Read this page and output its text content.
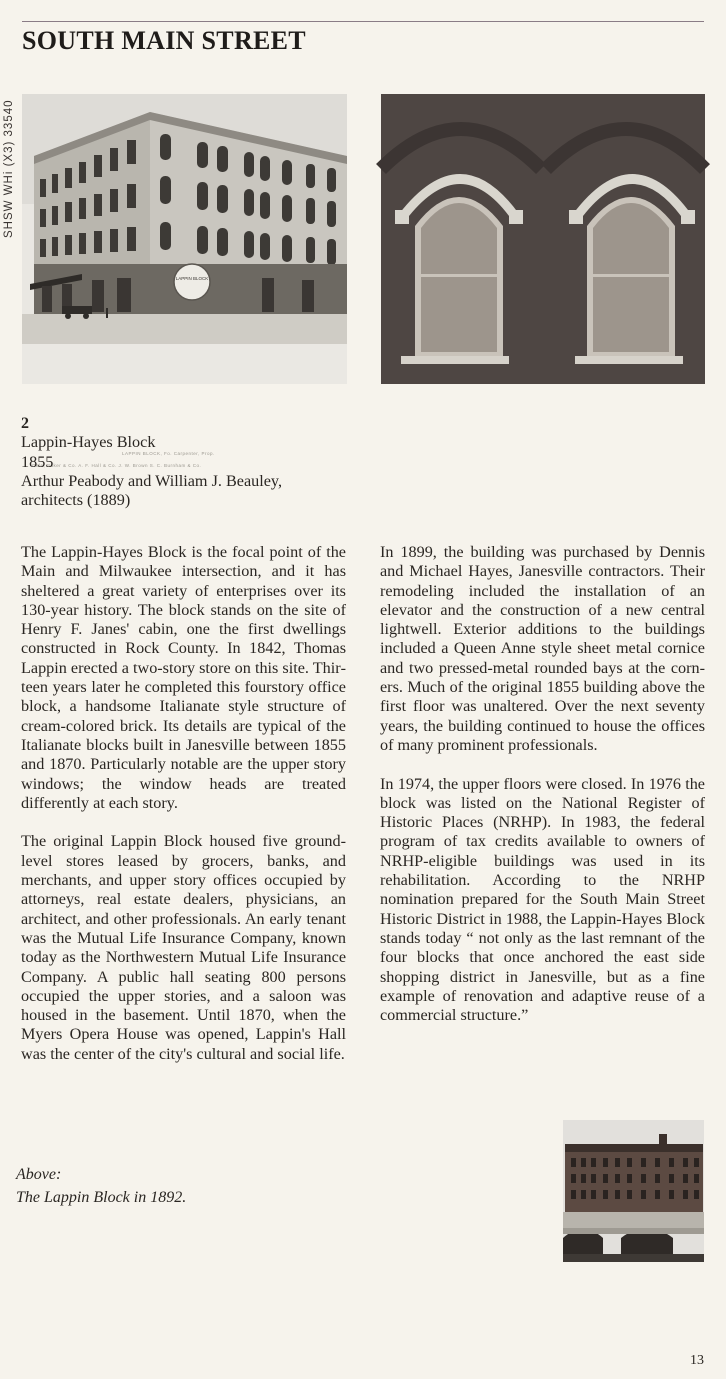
SOUTH MAIN STREET
SHSW WHi (X3) 33540
LAPPIN BLOCK
LAPPIN BLOCK, Fo. Carpenter, Prop.
Gale, Baker & Co. A. F. Hall & Co. J. W. Brown S. C. Burnham & Co.
2
Lappin-Hayes Block
1855
Arthur Peabody and William J. Beauley,
architects (1889)

The Lappin-Hayes Block is the focal point of the Main and Milwaukee intersection, and it has sheltered a great variety of enterprises over its 130-year history. The block stands on the site of Henry F. Janes' cabin, one the first dwellings constructed in Rock County. In 1842, Thomas Lappin erected a two-story store on this site. Thirteen years later he completed this fourstory office block, a handsome Italianate style structure of cream-colored brick. Its details are typical of the Italianate blocks built in Janesville between 1855 and 1870. Particularly notable are the upper story windows; the window heads are treated differently at each story.

The original Lappin Block housed five ground-level stores leased by grocers, banks, and merchants, and upper story offices occupied by attorneys, real estate dealers, physicians, an architect, and other professionals. An early tenant was the Mutual Life Insurance Company, known today as the Northwestern Mutual Life Insurance Company. A public hall seating 800 persons occupied the upper stories, and a saloon was housed in the basement. Until 1870, when the Myers Opera House was opened, Lappin's Hall was the center of the city's cultural and social life.

In 1899, the building was purchased by Dennis and Michael Hayes, Janesville contractors. Their remodeling included the installation of an elevator and the construction of a new central lightwell. Exterior additions to the buildings included a Queen Anne style sheet metal cornice and two pressed-metal rounded bays at the corners. Much of the original 1855 building above the first floor was unaltered. Over the next seventy years, the building continued to house the offices of many prominent professionals.

In 1974, the upper floors were closed. In 1976 the block was listed on the National Register of Historic Places (NRHP). In 1983, the federal program of tax credits available to owners of NRHP-eligible buildings was used in its rehabilitation. According to the NRHP nomination prepared for the South Main Street Historic District in 1988, the Lappin-Hayes Block stands today “ not only as the last remnant of the four blocks that once anchored the east side shopping district in Janesville, but as a fine example of renovation and adaptive reuse of a commercial structure.”

Above:
The Lappin Block in 1892.
13
